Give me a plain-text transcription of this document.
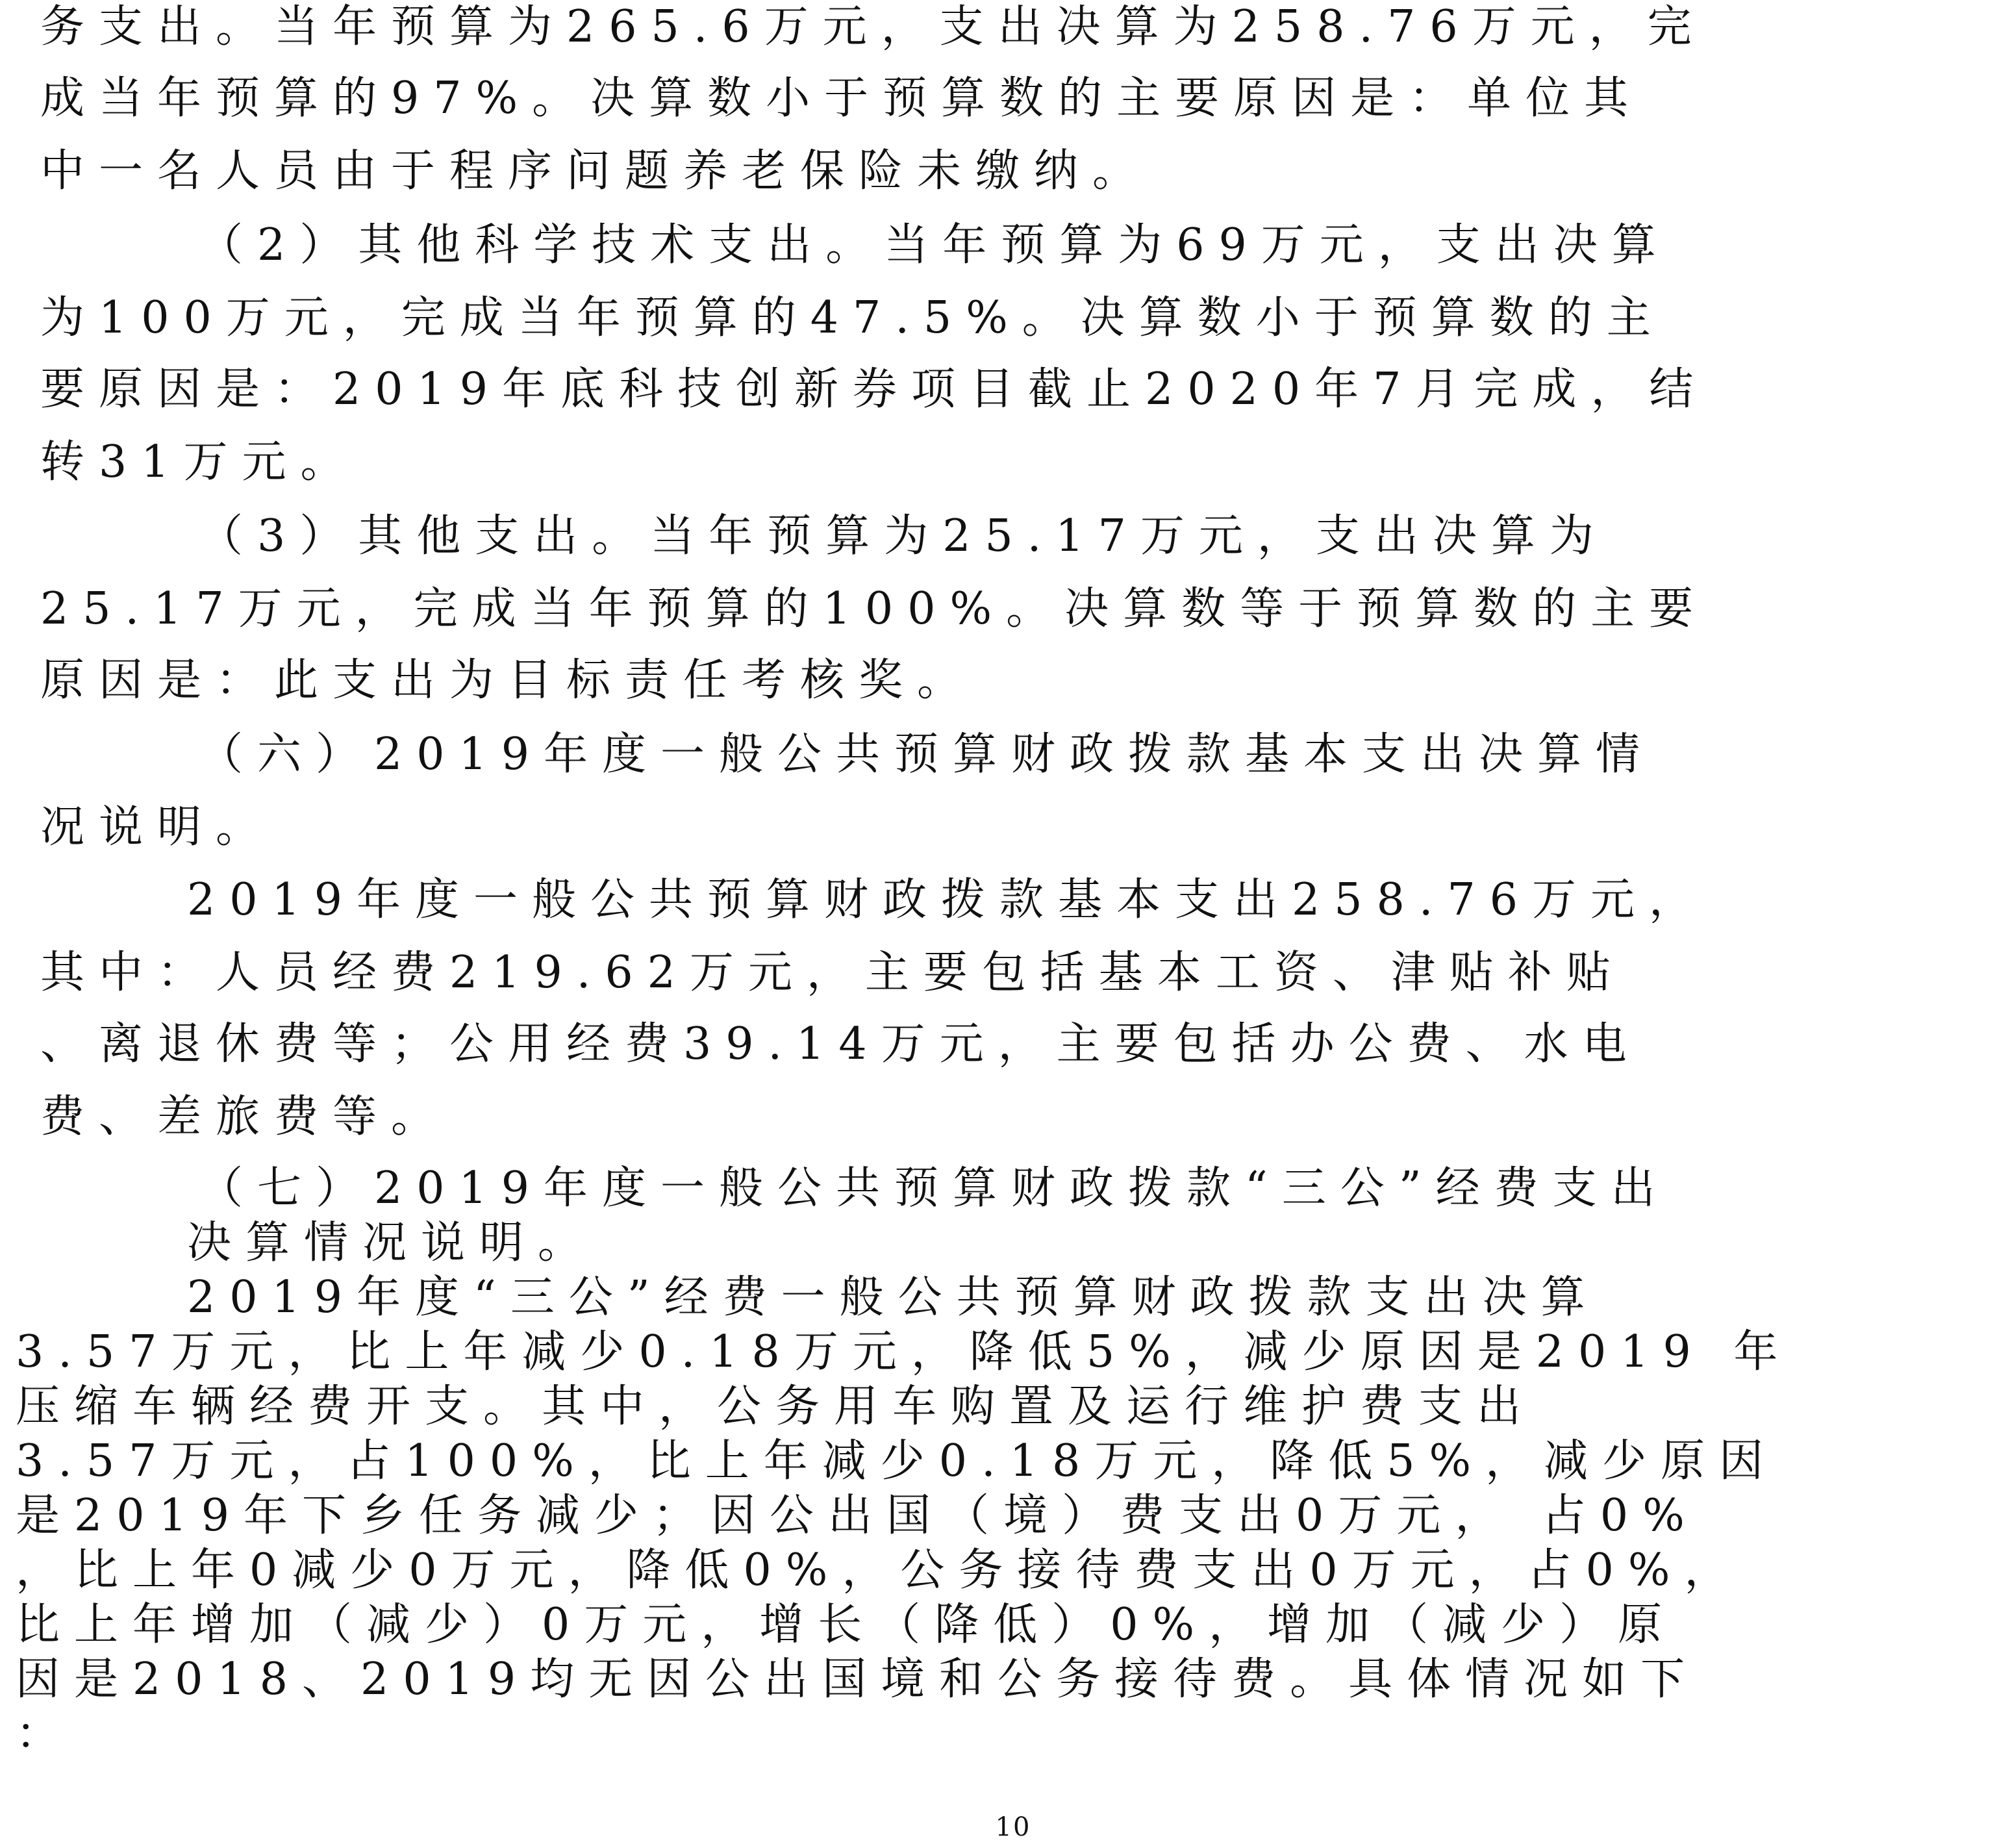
务支出。当年预算为265.6万元，支出决算为258.76万元，完
成当年预算的97%。决算数小于预算数的主要原因是：单位其
中一名人员由于程序问题养老保险未缴纳。
（2）其他科学技术支出。当年预算为69万元，支出决算
为100万元，完成当年预算的47.5%。决算数小于预算数的主
要原因是：2019年底科技创新券项目截止2020年7月完成，结
转31万元。
（3）其他支出。当年预算为25.17万元，支出决算为
25.17万元，完成当年预算的100%。决算数等于预算数的主要
原因是：此支出为目标责任考核奖。
（六）2019年度一般公共预算财政拨款基本支出决算情
况说明。
2019年度一般公共预算财政拨款基本支出258.76万元，
其中：人员经费219.62万元，主要包括基本工资、津贴补贴
、离退休费等；公用经费39.14万元，主要包括办公费、水电
费、差旅费等。
（七）2019年度一般公共预算财政拨款“三公”经费支出
决算情况说明。
2019年度“三公”经费一般公共预算财政拨款支出决算
3.57万元，比上年减少0.18万元，降低5%，减少原因是2019 年
压缩车辆经费开支。其中，公务用车购置及运行维护费支出
3.57万元，占100%，比上年减少0.18万元，降低5%，减少原因
是2019年下乡任务减少；因公出国（境）费支出0万元， 占0%
，比上年0减少0万元，降低0%，公务接待费支出0万元，占0%，
比上年增加（减少）0万元，增长（降低）0%，增加（减少）原
因是2018、2019均无因公出国境和公务接待费。具体情况如下
：
10
